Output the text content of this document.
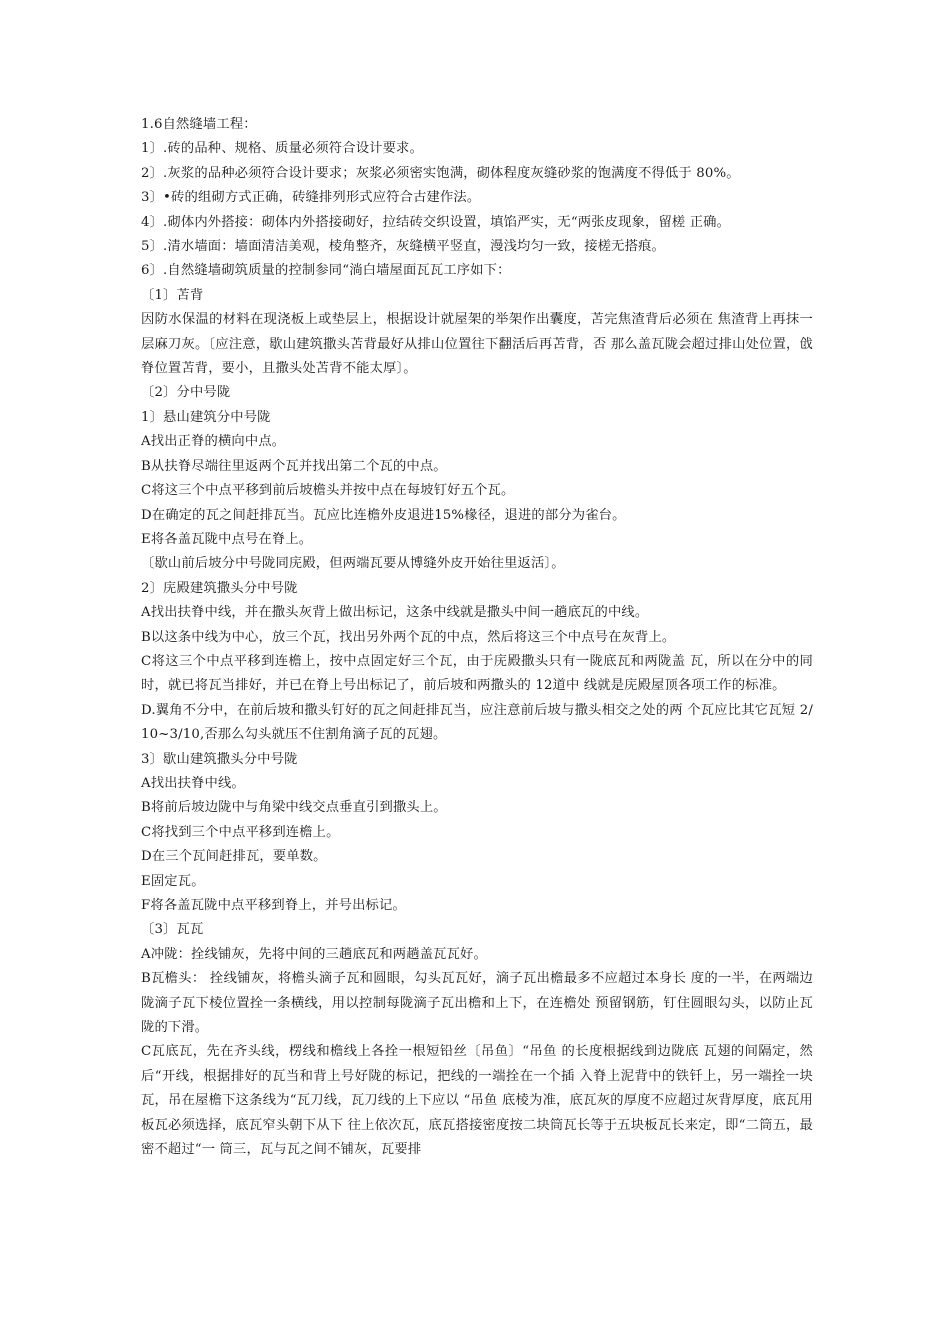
1.6自然缝墙工程：

1〕.砖的品种、规格、质量必须符合设计要求。

2〕.灰浆的品种必须符合设计要求；灰浆必须密实饱满，砌体程度灰缝砂浆的饱满度不得低于 80%。

3〕•砖的组砌方式正确，砖缝排列形式应符合古建作法。

4〕.砌体内外搭接：砌体内外搭接砌好，拉结砖交织设置，填馅严实，无“两张皮现象，留槎 正确。

5〕.清水墙面：墙面清洁美观，棱角整齐，灰缝横平竖直，漫浅均匀一致，接槎无搭痕。

6〕.自然缝墙砌筑质量的控制参同“淌白墙屋面瓦瓦工序如下：

〔1〕苫背

因防水保温的材料在现浇板上或垫层上，根据设计就屋架的举架作出囊度，苫完焦渣背后必须在 焦渣背上再抹一层麻刀灰。〔应注意，歇山建筑撒头苫背最好从排山位置往下翻活后再苫背，否 那么盖瓦陇会超过排山处位置，戗脊位置苫背，要小，且撒头处苫背不能太厚〕。

〔2〕分中号陇

1〕悬山建筑分中号陇

A找出正脊的横向中点。

B从扶脊尽端往里返两个瓦并找出第二个瓦的中点。

C将这三个中点平移到前后坡檐头并按中点在每坡钉好五个瓦。

D在确定的瓦之间赶排瓦当。瓦应比连檐外皮退进15%椽径，退进的部分为雀台。

E将各盖瓦陇中点号在脊上。

〔歇山前后坡分中号陇同庑殿，但两端瓦要从博缝外皮开始往里返活〕。

2〕庑殿建筑撒头分中号陇

A找出扶脊中线，并在撒头灰背上做出标记，这条中线就是撒头中间一趟底瓦的中线。

B以这条中线为中心，放三个瓦，找出另外两个瓦的中点，然后将这三个中点号在灰背上。

C将这三个中点平移到连檐上，按中点固定好三个瓦，由于庑殿撒头只有一陇底瓦和两陇盖 瓦，所以在分中的同时，就已将瓦当排好，并已在脊上号出标记了，前后坡和两撒头的 12道中 线就是庑殿屋顶各项工作的标准。

D.翼角不分中，在前后坡和撒头钉好的瓦之间赶排瓦当，应注意前后坡与撒头相交之处的两 个瓦应比其它瓦短 2/10~3/10,否那么勾头就压不住割角滴子瓦的瓦翅。

3〕歇山建筑撒头分中号陇

A找出扶脊中线。

B将前后坡边陇中与角梁中线交点垂直引到撒头上。

C将找到三个中点平移到连檐上。

D在三个瓦间赶排瓦，要单数。

E固定瓦。

F将各盖瓦陇中点平移到脊上，并号出标记。

〔3〕瓦瓦

A冲陇：拴线铺灰，先将中间的三趟底瓦和两趟盖瓦瓦好。

B瓦檐头： 拴线铺灰，将檐头滴子瓦和圆眼，勾头瓦瓦好，滴子瓦出檐最多不应超过本身长 度的一半，在两端边陇滴子瓦下棱位置拴一条横线，用以控制每陇滴子瓦出檐和上下，在连檐处 预留钢筋，钉住圆眼勾头，以防止瓦陇的下滑。

C瓦底瓦，先在齐头线，楞线和檐线上各拴一根短铅丝〔吊鱼〕“吊鱼 的长度根据线到边陇底 瓦翅的间隔定，然后“开线，根据排好的瓦当和背上号好陇的标记，把线的一端拴在一个插 入脊上泥背中的铁钎上，另一端拴一块瓦，吊在屋檐下这条线为“瓦刀线，瓦刀线的上下应以 “吊鱼 底棱为准，底瓦灰的厚度不应超过灰背厚度，底瓦用板瓦必须选择，底瓦窄头朝下从下 往上依次瓦，底瓦搭接密度按二块筒瓦长等于五块板瓦长来定，即“二筒五，最密不超过“一 筒三，瓦与瓦之间不铺灰，瓦要排
